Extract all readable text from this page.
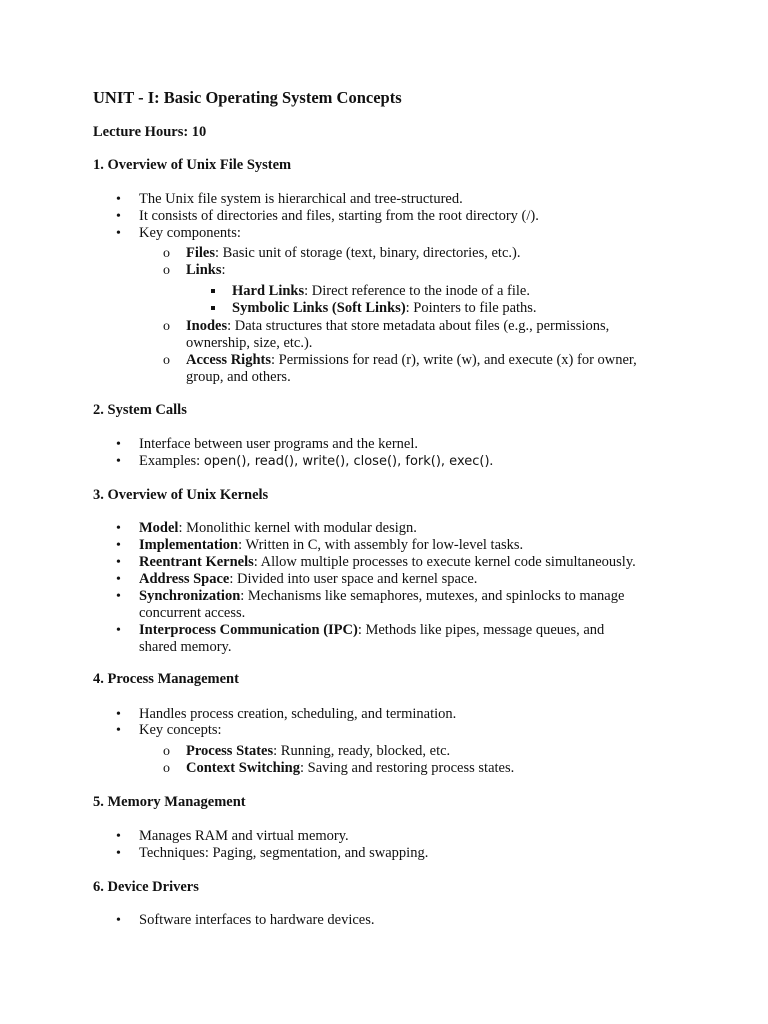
UNIT - I: Basic Operating System Concepts

Lecture Hours: 10

1. Overview of Unix File System
• The Unix file system is hierarchical and tree-structured.
• It consists of directories and files, starting from the root directory (/).
• Key components:
o Files: Basic unit of storage (text, binary, directories, etc.).
o Links:
Hard Links: Direct reference to the inode of a file.
Symbolic Links (Soft Links): Pointers to file paths.
o Inodes: Data structures that store metadata about files (e.g., permissions,
ownership, size, etc.).
o Access Rights: Permissions for read (r), write (w), and execute (x) for owner,
group, and others.
2. System Calls
• Interface between user programs and the kernel.
• Examples: open(), read(), write(), close(), fork(), exec().
3. Overview of Unix Kernels
• Model: Monolithic kernel with modular design.
• Implementation: Written in C, with assembly for low-level tasks.
• Reentrant Kernels: Allow multiple processes to execute kernel code simultaneously.
• Address Space: Divided into user space and kernel space.
• Synchronization: Mechanisms like semaphores, mutexes, and spinlocks to manage
concurrent access.
• Interprocess Communication (IPC): Methods like pipes, message queues, and
shared memory.
4. Process Management
• Handles process creation, scheduling, and termination.
• Key concepts:
o Process States: Running, ready, blocked, etc.
o Context Switching: Saving and restoring process states.
5. Memory Management
• Manages RAM and virtual memory.
• Techniques: Paging, segmentation, and swapping.
6. Device Drivers
• Software interfaces to hardware devices.
